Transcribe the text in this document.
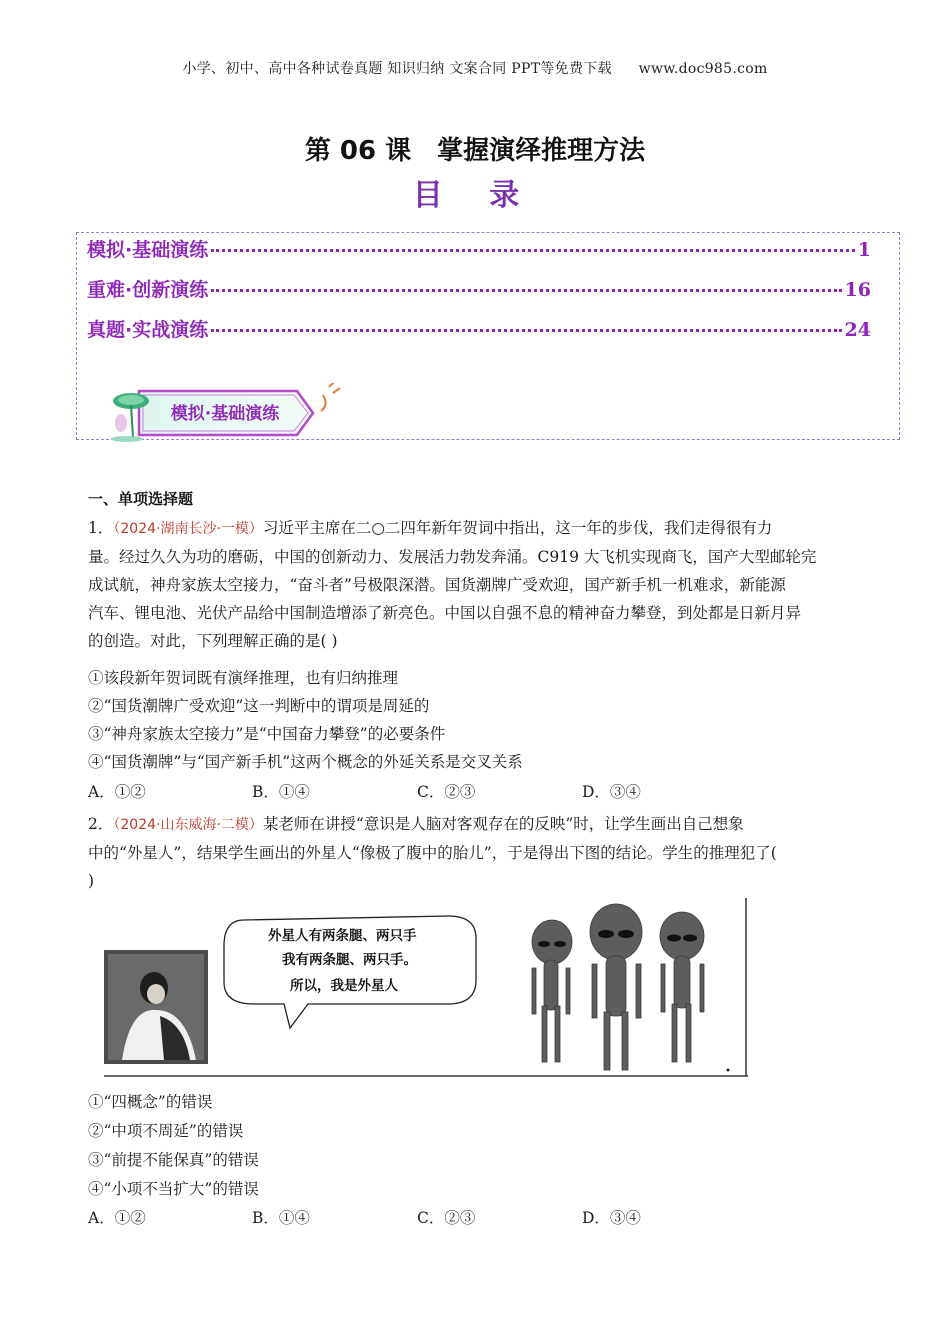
小学、初中、高中各种试卷真题 知识归纳 文案合同 PPT等免费下载 www.doc985.com
第 06 课 掌握演绎推理方法
目 录
模拟·基础演练	1
重难·创新演练	16
真题·实战演练	24
模拟·基础演练
一、单项选择题
1．（2024·湖南长沙·一模）习近平主席在二○二四年新年贺词中指出，这一年的步伐，我们走得很有力
量。经过久久为功的磨砺，中国的创新动力、发展活力勃发奔涌。C919 大飞机实现商飞，国产大型邮轮完
成试航，神舟家族太空接力，“奋斗者”号极限深潜。国货潮牌广受欢迎，国产新手机一机难求，新能源
汽车、锂电池、光伏产品给中国制造增添了新亮色。中国以自强不息的精神奋力攀登，到处都是日新月异
的创造。对此，下列理解正确的是( )
①该段新年贺词既有演绎推理，也有归纳推理
②“国货潮牌广受欢迎”这一判断中的谓项是周延的
③“神舟家族太空接力”是“中国奋力攀登”的必要条件
④“国货潮牌”与“国产新手机”这两个概念的外延关系是交叉关系
A．①②	B．①④	C．②③	D．③④
2．（2024·山东威海·二模）某老师在讲授“意识是人脑对客观存在的反映”时，让学生画出自己想象
中的“外星人”，结果学生画出的外星人“像极了腹中的胎儿”，于是得出下图的结论。学生的推理犯了(
)
外星人有两条腿、两只手
我有两条腿、两只手。
所以，我是外星人
①“四概念”的错误
②“中项不周延”的错误
③“前提不能保真”的错误
④“小项不当扩大”的错误
A．①②	B．①④	C．②③	D．③④
